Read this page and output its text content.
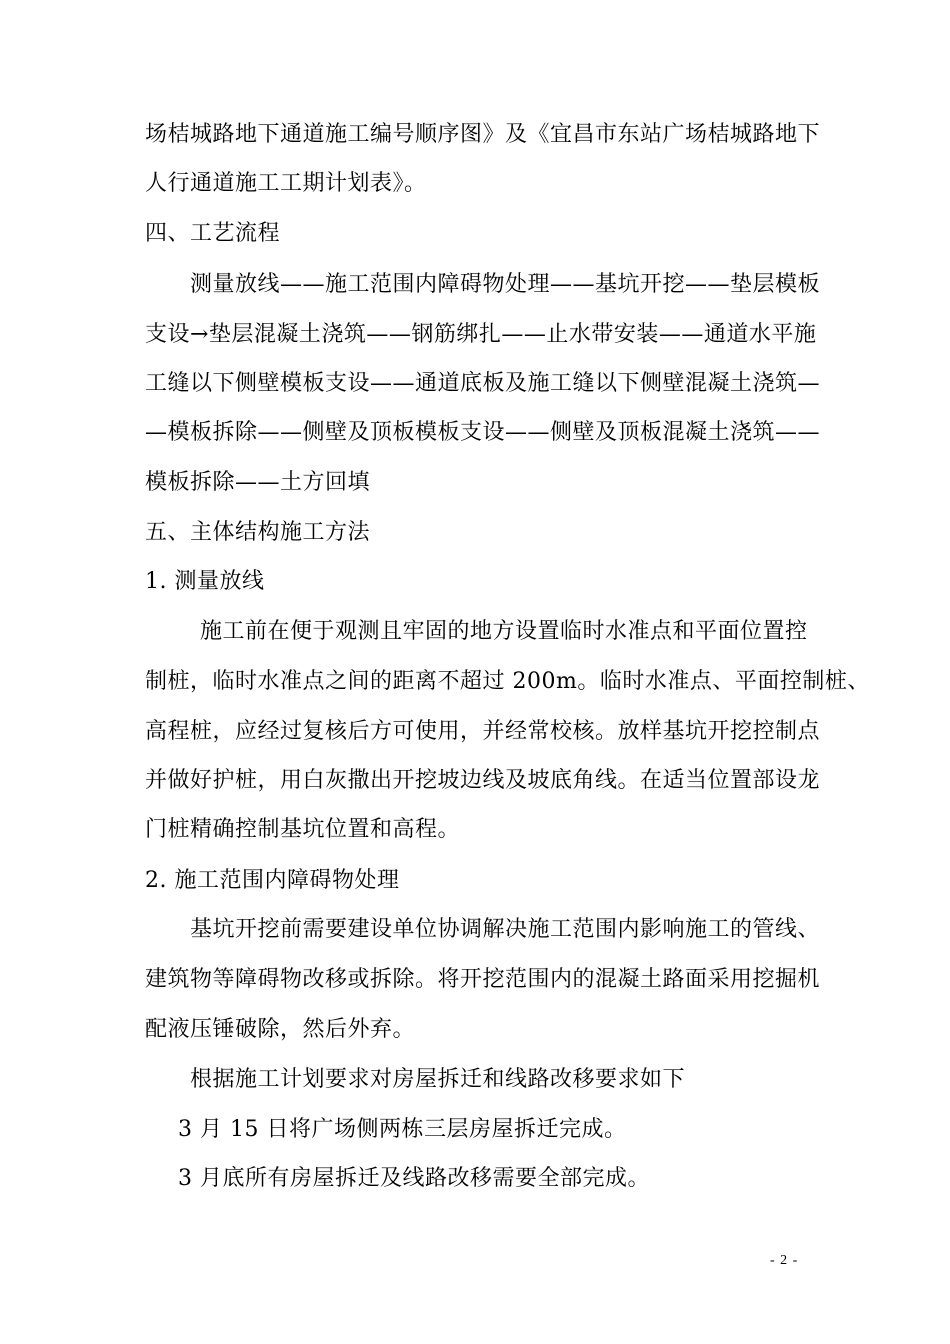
场桔城路地下通道施工编号顺序图》及《宜昌市东站广场桔城路地下
人行通道施工工期计划表》。
四、工艺流程
测量放线——施工范围内障碍物处理——基坑开挖——垫层模板
支设→垫层混凝土浇筑——钢筋绑扎——止水带安装——通道水平施
工缝以下侧壁模板支设——通道底板及施工缝以下侧壁混凝土浇筑—
—模板拆除——侧壁及顶板模板支设——侧壁及顶板混凝土浇筑——
模板拆除——土方回填
五、主体结构施工方法
1. 测量放线
施工前在便于观测且牢固的地方设置临时水准点和平面位置控
制桩，临时水准点之间的距离不超过 200m。临时水准点、平面控制桩、
高程桩，应经过复核后方可使用，并经常校核。放样基坑开挖控制点
并做好护桩，用白灰撒出开挖坡边线及坡底角线。在适当位置部设龙
门桩精确控制基坑位置和高程。
2. 施工范围内障碍物处理
基坑开挖前需要建设单位协调解决施工范围内影响施工的管线、
建筑物等障碍物改移或拆除。将开挖范围内的混凝土路面采用挖掘机
配液压锤破除，然后外弃。
根据施工计划要求对房屋拆迁和线路改移要求如下
3 月 15 日将广场侧两栋三层房屋拆迁完成。
3 月底所有房屋拆迁及线路改移需要全部完成。
- 2 -
